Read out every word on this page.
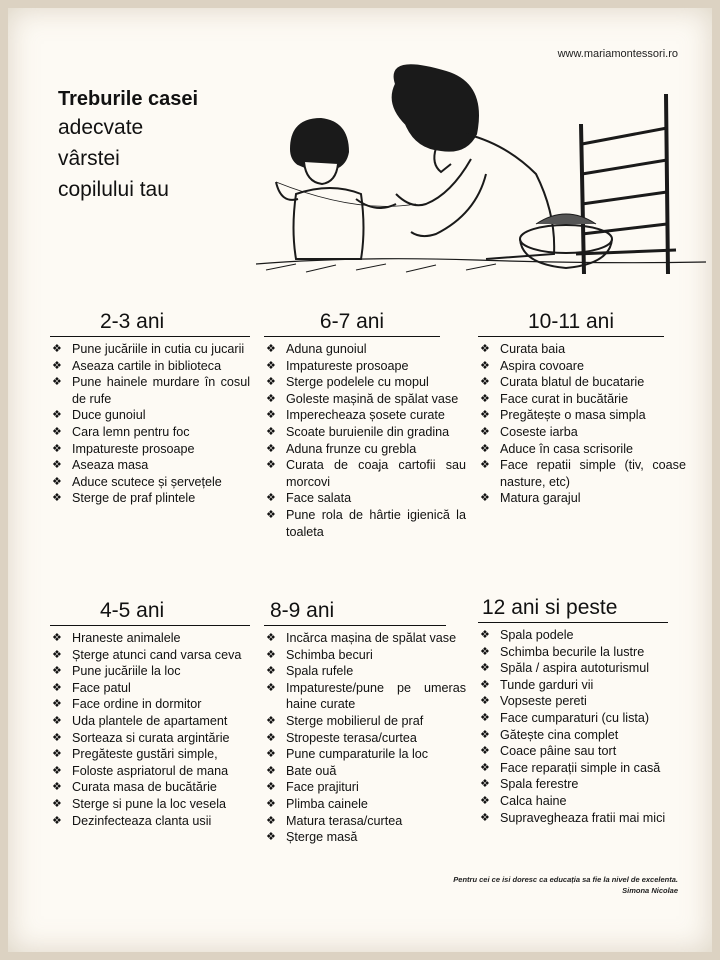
www.mariamontessori.ro
Treburile casei
adecvate
vârstei
copilului tau
2-3 ani
❖ Pune jucăriile in cutia cu jucarii
❖ Aseaza cartile in biblioteca
❖ Pune hainele murdare în cosul de rufe
❖ Duce gunoiul
❖ Cara lemn pentru foc
❖ Impatureste prosoape
❖ Aseaza masa
❖ Aduce scutece și șervețele
❖ Sterge de praf plintele
6-7 ani
❖ Aduna gunoiul
❖ Impatureste prosoape
❖ Sterge podelele cu mopul
❖ Goleste mașină de spălat vase
❖ Imperecheaza șosete curate
❖ Scoate buruienile din gradina
❖ Aduna frunze cu grebla
❖ Curata de coaja cartofii sau morcovi
❖ Face salata
❖ Pune rola de hârtie igienică la toaleta
10-11 ani
❖ Curata baia
❖ Aspira covoare
❖ Curata blatul de bucatarie
❖ Face curat in bucătărie
❖ Pregătește o masa simpla
❖ Coseste iarba
❖ Aduce în casa scrisorile
❖ Face repatii simple (tiv, coase nasture, etc)
❖ Matura garajul
4-5 ani
❖ Hraneste animalele
❖ Șterge atunci cand varsa ceva
❖ Pune jucăriile la loc
❖ Face patul
❖ Face ordine in dormitor
❖ Uda plantele de apartament
❖ Sorteaza si curata argintărie
❖ Pregăteste gustări simple,
❖ Foloste aspriatorul de mana
❖ Curata masa de bucătărie
❖ Sterge si pune la loc vesela
❖ Dezinfecteaza clanta usii
8-9 ani
❖ Incărca mașina de spălat vase
❖ Schimba becuri
❖ Spala rufele
❖ Impatureste/pune pe umeras haine curate
❖ Sterge mobilierul de praf
❖ Stropeste terasa/curtea
❖ Pune cumparaturile la loc
❖ Bate ouă
❖ Face prajituri
❖ Plimba cainele
❖ Matura terasa/curtea
❖ Șterge masă
12 ani si peste
❖ Spala podele
❖ Schimba becurile la lustre
❖ Spăla / aspira autoturismul
❖ Tunde garduri vii
❖ Vopseste pereti
❖ Face cumparaturi (cu lista)
❖ Gătește cina complet
❖ Coace pâine sau tort
❖ Face reparații simple in casă
❖ Spala ferestre
❖ Calca haine
❖ Supravegheaza fratii mai mici
Pentru cei ce isi doresc ca educația sa fie la nivel de excelenta.
Simona Nicolae
